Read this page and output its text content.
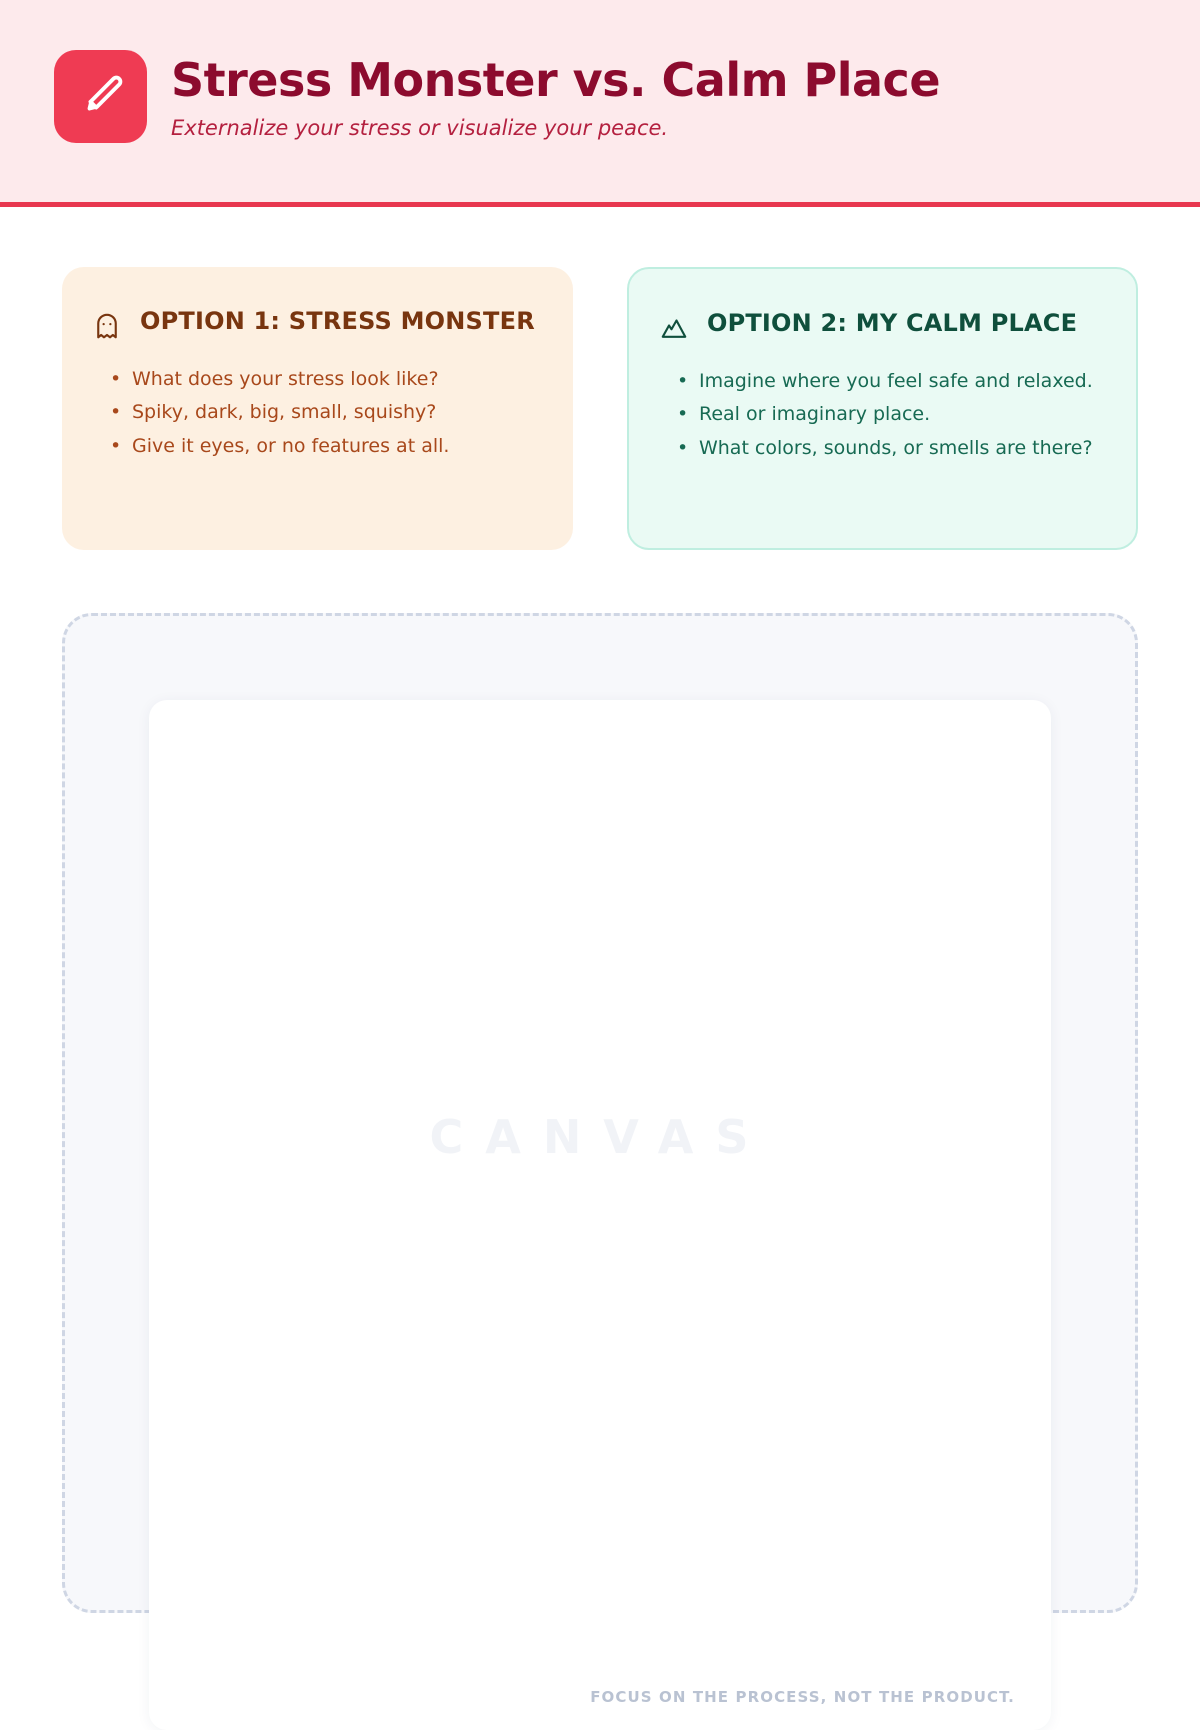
Stress Monster vs. Calm Place

Externalize your stress or visualize your peace.

OPTION 1: STRESS MONSTER
• What does your stress look like?
• Spiky, dark, big, small, squishy?
• Give it eyes, or no features at all.
OPTION 2: MY CALM PLACE
• Imagine where you feel safe and relaxed.
• Real or imaginary place.
• What colors, sounds, or smells are there?
CANVAS
FOCUS ON THE PROCESS, NOT THE PRODUCT.
